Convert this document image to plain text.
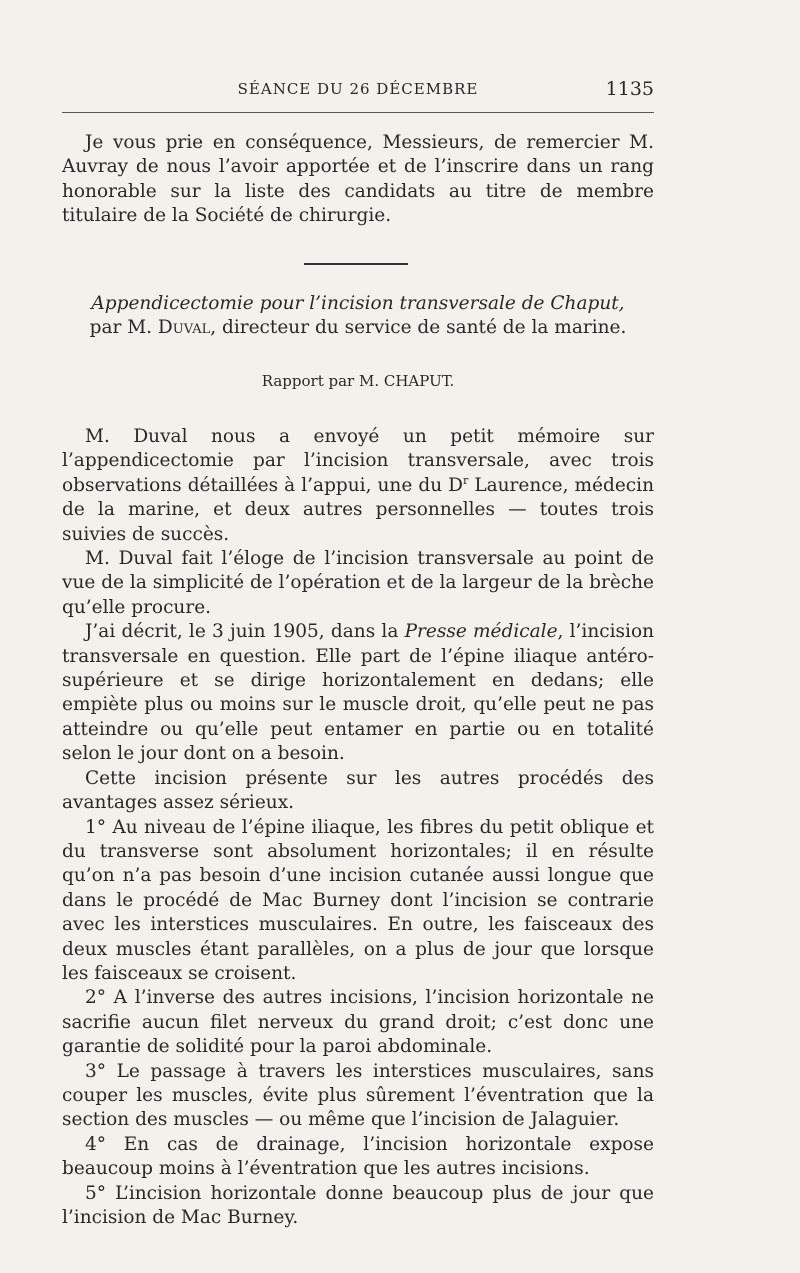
SÉANCE DU 26 DÉCEMBRE	1135

Je vous prie en conséquence, Messieurs, de remercier M. Auvray de nous l’avoir apportée et de l’inscrire dans un rang honorable sur la liste des candidats au titre de membre titulaire de la Société de chirurgie.

Appendicectomie pour l’incision transversale de Chaput,
par M. Duval, directeur du service de santé de la marine.
Rapport par M. CHAPUT.

M. Duval nous a envoyé un petit mémoire sur l’appendicectomie par l’incision transversale, avec trois observations détaillées à l’appui, une du $D^r$ Laurence, médecin de la marine, et deux autres personnelles — toutes trois suivies de succès.

M. Duval fait l’éloge de l’incision transversale au point de vue de la simplicité de l’opération et de la largeur de la brèche qu’elle procure.

J’ai décrit, le 3 juin 1905, dans la Presse médicale, l’incision transversale en question. Elle part de l’épine iliaque antéro-supérieure et se dirige horizontalement en dedans; elle empiète plus ou moins sur le muscle droit, qu’elle peut ne pas atteindre ou qu’elle peut entamer en partie ou en totalité selon le jour dont on a besoin.

Cette incision présente sur les autres procédés des avantages assez sérieux.

1° Au niveau de l’épine iliaque, les fibres du petit oblique et du transverse sont absolument horizontales; il en résulte qu’on n’a pas besoin d’une incision cutanée aussi longue que dans le procédé de Mac Burney dont l’incision se contrarie avec les interstices musculaires. En outre, les faisceaux des deux muscles étant parallèles, on a plus de jour que lorsque les faisceaux se croisent.

2° A l’inverse des autres incisions, l’incision horizontale ne sacrifie aucun filet nerveux du grand droit; c’est donc une garantie de solidité pour la paroi abdominale.

3° Le passage à travers les interstices musculaires, sans couper les muscles, évite plus sûrement l’éventration que la section des muscles — ou même que l’incision de Jalaguier.

4° En cas de drainage, l’incision horizontale expose beaucoup moins à l’éventration que les autres incisions.

5° L’incision horizontale donne beaucoup plus de jour que l’incision de Mac Burney.
